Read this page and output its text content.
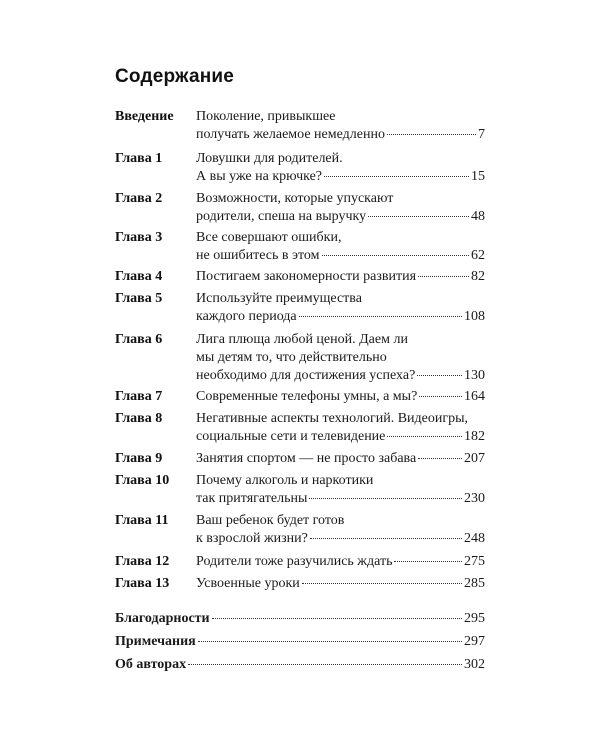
Содержание
Введение Поколение, привыкшее
получать желаемое немедленно	7
Глава 1 Ловушки для родителей.
А вы уже на крючке?	15
Глава 2 Возможности, которые упускают
родители, спеша на выручку	48
Глава 3 Все совершают ошибки,
не ошибитесь в этом	62
Глава 4 Постигаем закономерности развития	82
Глава 5 Используйте преимущества
каждого периода	108
Глава 6 Лига плюща любой ценой. Даем ли
мы детям то, что действительно
необходимо для достижения успеха?	130
Глава 7 Современные телефоны умны, а мы?	164
Глава 8 Негативные аспекты технологий. Видеоигры,
социальные сети и телевидение	182
Глава 9 Занятия спортом — не просто забава	207
Глава 10 Почему алкоголь и наркотики
так притягательны	230
Глава 11 Ваш ребенок будет готов
к взрослой жизни?	248
Глава 12 Родители тоже разучились ждать	275
Глава 13 Усвоенные уроки	285
Благодарности	295
Примечания	297
Об авторах	302
